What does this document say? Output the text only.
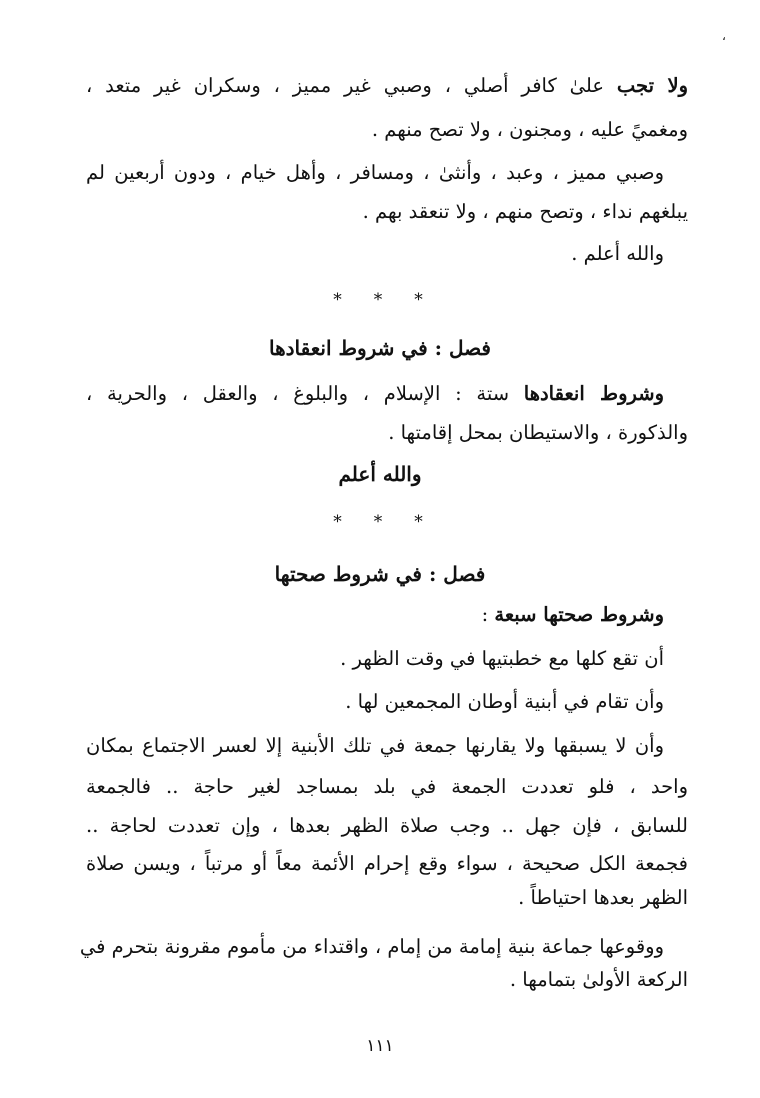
،
ولا تجب علىٰ كافر أصلي ، وصبي غير مميز ، وسكران غير متعد ،
ومغميً عليه ، ومجنون ، ولا تصح منهم .
وصبي مميز ، وعبد ، وأنثىٰ ، ومسافر ، وأهل خيام ، ودون أربعين لم
يبلغهم نداء ، وتصح منهم ، ولا تنعقد بهم .
والله أعلم .
***
فصل : في شروط انعقادها
وشروط انعقادها ستة : الإسلام ، والبلوغ ، والعقل ، والحرية ،
والذكورة ، والاستيطان بمحل إقامتها .
والله أعلم
***
فصل : في شروط صحتها
وشروط صحتها سبعة :
أن تقع كلها مع خطبتيها في وقت الظهر .
وأن تقام في أبنية أوطان المجمعين لها .
وأن لا يسبقها ولا يقارنها جمعة في تلك الأبنية إلا لعسر الاجتماع بمكان
واحد ، فلو تعددت الجمعة في بلد بمساجد لغير حاجة .. فالجمعة
للسابق ، فإن جهل .. وجب صلاة الظهر بعدها ، وإن تعددت لحاجة ..
فجمعة الكل صحيحة ، سواء وقع إحرام الأئمة معاً أو مرتباً ، ويسن صلاة
الظهر بعدها احتياطاً .
ووقوعها جماعة بنية إمامة من إمام ، واقتداء من مأموم مقرونة بتحرم في
الركعة الأولىٰ بتمامها .
١١١
